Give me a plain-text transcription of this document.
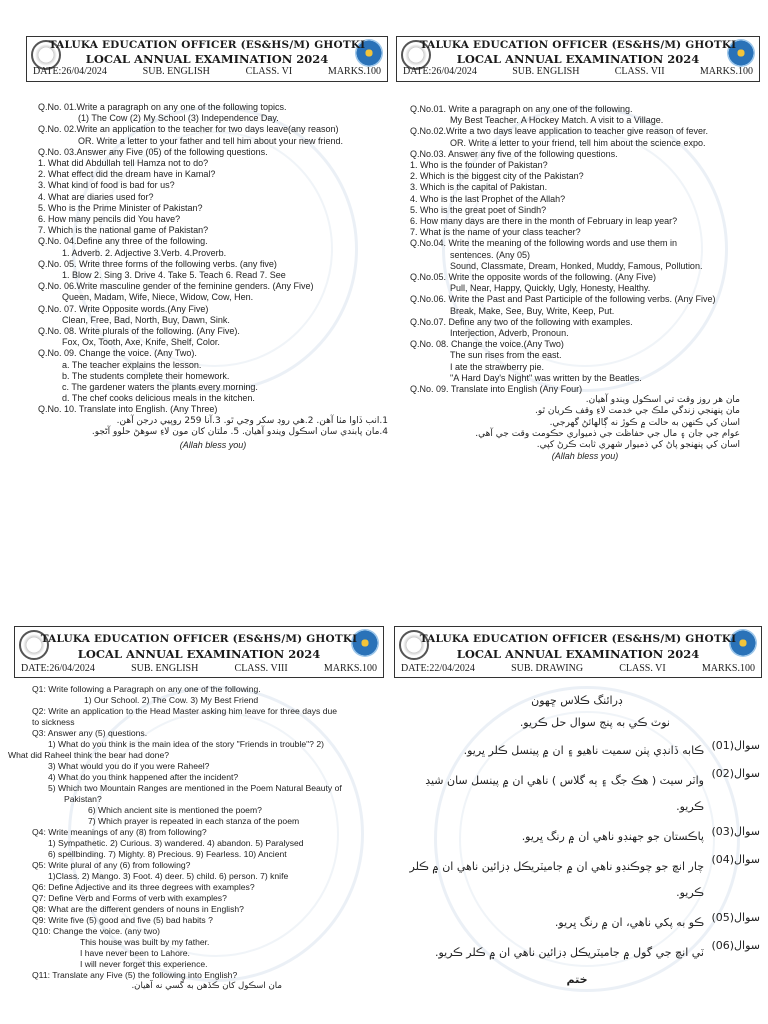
TALUKA EDUCATION OFFICER (ES&HS/M) GHOTKI
LOCAL ANNUAL EXAMINATION 2024
DATE:26/04/2024	SUB. ENGLISH	CLASS. VI	MARKS.100
Q.No. 01.Write a paragraph on any one of the following topics.
(1) The Cow (2) My School (3) Independence Day.
Q.No. 02.Write an application to the teacher for two days leave(any reason)
OR. Write a letter to your father and tell him about your new friend.
Q.No. 03.Answer any Five (05) of the following questions.
1. What did Abdullah tell Hamza not to do?
2. What effect did the dream have in Kamal?
3. What kind of food is bad for us?
4. What are diaries used for?
5. Who is the Prime Minister of Pakistan?
6. How many pencils did You have?
7. Which is the national game of Pakistan?
Q.No. 04.Define any three of the following.
1. Adverb. 2. Adjective 3.Verb. 4.Proverb.
Q.No. 05. Write three forms of the following verbs. (any five)
1. Blow 2. Sing 3. Drive 4. Take 5. Teach 6. Read 7. See
Q.No. 06.Write masculine gender of the feminine genders. (Any Five)
Queen, Madam, Wife, Niece, Widow, Cow, Hen.
Q.No. 07. Write Opposite words.(Any Five)
Clean, Free, Bad, North, Buy, Dawn, Sink.
Q.No. 08. Write plurals of the following. (Any Five).
Fox, Ox, Tooth, Axe, Knife, Shelf, Color.
Q.No. 09. Change the voice. (Any Two).
a. The teacher explains the lesson.
b. The students complete their homework.
c. The gardener waters the plants every morning.
d. The chef cooks delicious meals in the kitchen.
Q.No. 10. Translate into English. (Any Three)
1.انب ڏاوا مٺا آهن. 2.هي روڊ سکر وڃي ٿو. 3.آنا 259 روپيي درجن آهن.
4.مان پابندي سان اسڪول ويندو آهيان. 5. ملتان کان مون لاءِ سوهڻ حلوو آڻجو.
(Allah bless you)
TALUKA EDUCATION OFFICER (ES&HS/M) GHOTKI
LOCAL ANNUAL EXAMINATION 2024
DATE:26/04/2024	SUB. ENGLISH	CLASS. VII	MARKS.100
Q.No.01. Write a paragraph on any one of the following.
My Best Teacher. A Hockey Match. A visit to a Village.
Q.No.02.Write a two days leave application to teacher give reason of fever.
OR. Write a letter to your friend, tell him about the science expo.
Q.No.03. Answer any five of the following questions.
1. Who is the founder of Pakistan?
2. Which is the biggest city of the Pakistan?
3. Which is the capital of Pakistan.
4. Who is the last Prophet of the Allah?
5. Who is the great poet of Sindh?
6. How many days are there in the month of February in leap year?
7. What is the name of your class teacher?
Q.No.04. Write the meaning of the following words and use them in
sentences. (Any 05)
Sound, Classmate, Dream, Honked, Muddy, Famous, Pollution.
Q.No.05. Write the opposite words of the following. (Any Five)
Pull, Near, Happy, Quickly, Ugly, Honesty, Healthy.
Q.No.06. Write the Past and Past Participle of the following verbs. (Any Five)
Break, Make, See, Buy, Write, Keep, Put.
Q.No.07. Define any two of the following with examples.
Interjection, Adverb, Pronoun.
Q.No. 08. Change the voice.(Any Two)
The sun rises from the east.
I ate the strawberry pie.
"A Hard Day's Night" was written by the Beatles.
Q.No. 09. Translate into English (Any Four)
مان هر روز وقت تي اسڪول ويندو آهيان.
مان پنهنجي زندگي ملڪ جي خدمت لاءِ وقف ڪريان ٿو.
اسان کي ڪنهن به حالت ۾ ڪوڙ نه ڳالهائڻ گهرجي.
عوام جي جان ۽ مال جي حفاظت جي ذميواري حڪومت وقت جي آهي.
اسان کي پنهنجو پاڻ کي ذميوار شهري ثابت ڪرڻ کپي.
(Allah bless you)
TALUKA EDUCATION OFFICER (ES&HS/M) GHOTKI
LOCAL ANNUAL EXAMINATION 2024
DATE:26/04/2024	SUB. ENGLISH	CLASS. VIII	MARKS.100
Q1: Write following a Paragraph on any one of the following.
1) Our School. 2) The Cow. 3) My Best Friend
Q2: Write an application to the Head Master asking him leave for three days due
to sickness
Q3: Answer any (5) questions.
1) What do you think is the main idea of the story "Friends in trouble"? 2)
What did Raheel think the bear had done?
3) What would you do if you were Raheel?
4) What do you think happened after the incident?
5) Which two Mountain Ranges are mentioned in the Poem Natural Beauty of
Pakistan?
6) Which ancient site is mentioned the poem?
7) Which prayer is repeated in each stanza of the poem
Q4: Write meanings of any (8) from following?
1) Sympathetic. 2) Curious. 3) wandered. 4) abandon. 5) Paralysed
6) spellbinding. 7) Mighty. 8) Precious. 9) Fearless. 10) Ancient
Q5: Write plural of any (6) from following?
1)Class. 2) Mango. 3) Foot. 4) deer. 5) child. 6) person. 7) knife
Q6: Define Adjective and its three degrees with examples?
Q7: Define Verb and Forms of verb with examples?
Q8: What are the different genders of nouns in English?
Q9: Write five (5) good and five (5) bad habits ?
Q10: Change the voice. (any two)
This house was built by my father.
I have never been to Lahore.
I will never forget this experience.
Q11: Translate any Five (5) the following into English?
مان اسڪول کان ڪڏهن به گسي نه آهيان.
TALUKA EDUCATION OFFICER (ES&HS/M) GHOTKI
LOCAL ANNUAL EXAMINATION 2024
DATE:22/04/2024	SUB. DRAWING	CLASS. VI	MARKS.100
ڊرائنگ ڪلاس ڇهون
نوٽ ڪي به پنج سوال حل ڪريو.
سوال(01)
ڪابه ڏانڊي پٺن سميت ناهيو ۽ ان ۾ پينسل ڪلر ڀريو.
سوال(02)
واٽر سيٽ ( هڪ جگ ۽ ٻه گلاس ) ناهي ان ۾ پينسل سان شيڊ ڪريو.
سوال(03)
پاڪستان جو جهنڊو ناهي ان ۾ رنگ ڀريو.
سوال(04)
چار انچ جو چوڪنڊو ناهي ان ۾ جاميٽريڪل ڊزائين ناهي ان ۾ ڪلر ڪريو.
سوال(05)
ڪو به پکي ناهي، ان ۾ رنگ ڀريو.
سوال(06)
ٽي انچ جي گول ۾ جاميٽريڪل ڊزائين ناهي ان ۾ ڪلر ڪريو.
ختم
